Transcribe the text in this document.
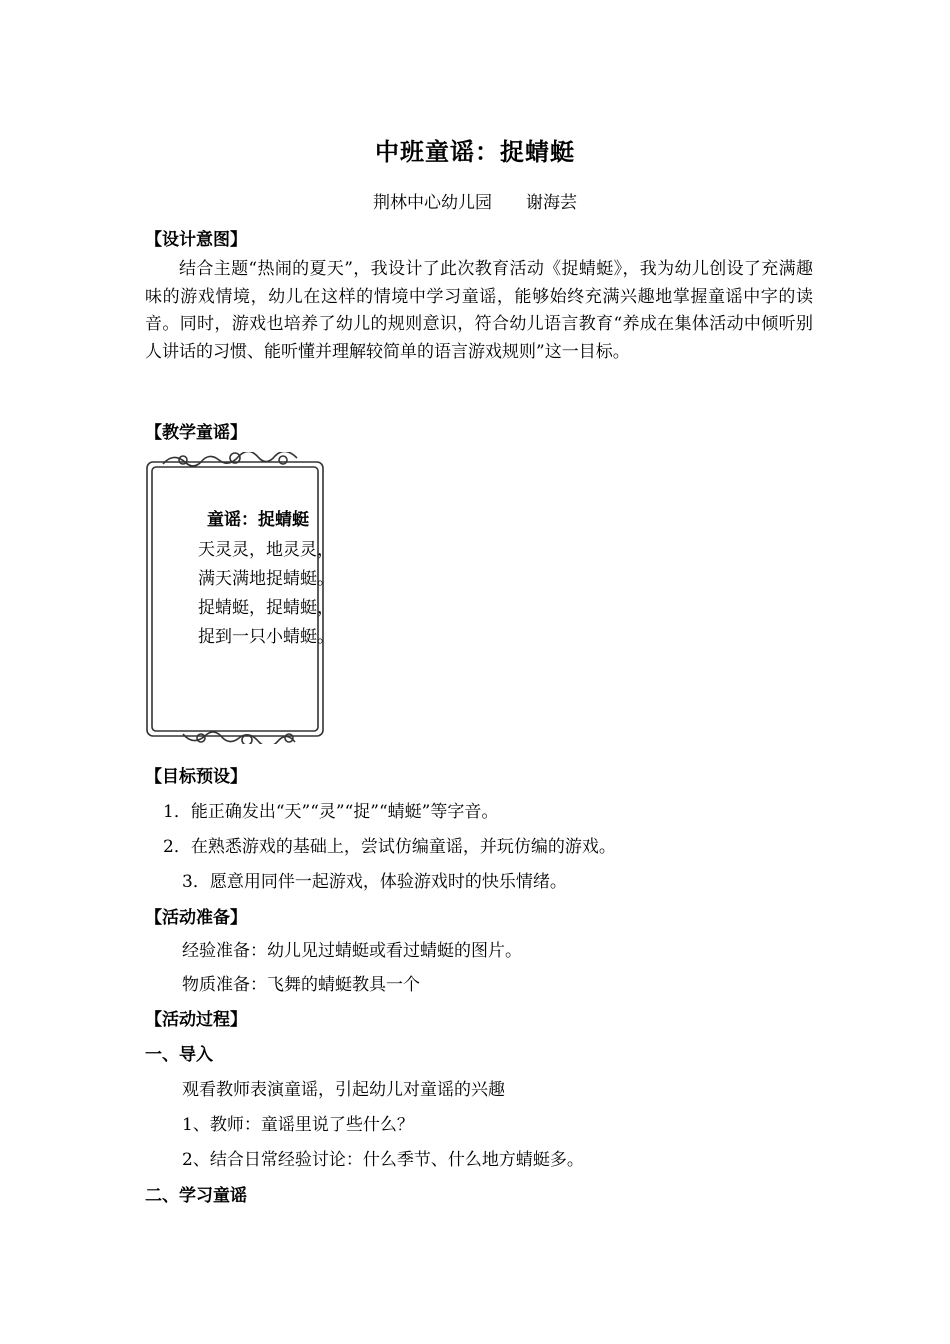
中班童谣：捉蜻蜓
荆林中心幼儿园 谢海芸
【设计意图】

结合主题“热闹的夏天”，我设计了此次教育活动《捉蜻蜓》，我为幼儿创设了充满趣味的游戏情境，幼儿在这样的情境中学习童谣，能够始终充满兴趣地掌握童谣中字的读音。同时，游戏也培养了幼儿的规则意识，符合幼儿语言教育“养成在集体活动中倾听别人讲话的习惯、能听懂并理解较简单的语言游戏规则”这一目标。

【教学童谣】
童谣：捉蜻蜓
天灵灵，地灵灵，
满天满地捉蜻蜓。
捉蜻蜓，捉蜻蜓，
捉到一只小蜻蜓。
【目标预设】
1．能正确发出“天”“灵”“捉”“蜻蜓”等字音。
2．在熟悉游戏的基础上，尝试仿编童谣，并玩仿编的游戏。
3．愿意用同伴一起游戏，体验游戏时的快乐情绪。
【活动准备】
经验准备：幼儿见过蜻蜓或看过蜻蜓的图片。
物质准备：飞舞的蜻蜓教具一个
【活动过程】
一、导入
观看教师表演童谣，引起幼儿对童谣的兴趣
1、教师：童谣里说了些什么？
2、结合日常经验讨论：什么季节、什么地方蜻蜓多。
二、学习童谣
